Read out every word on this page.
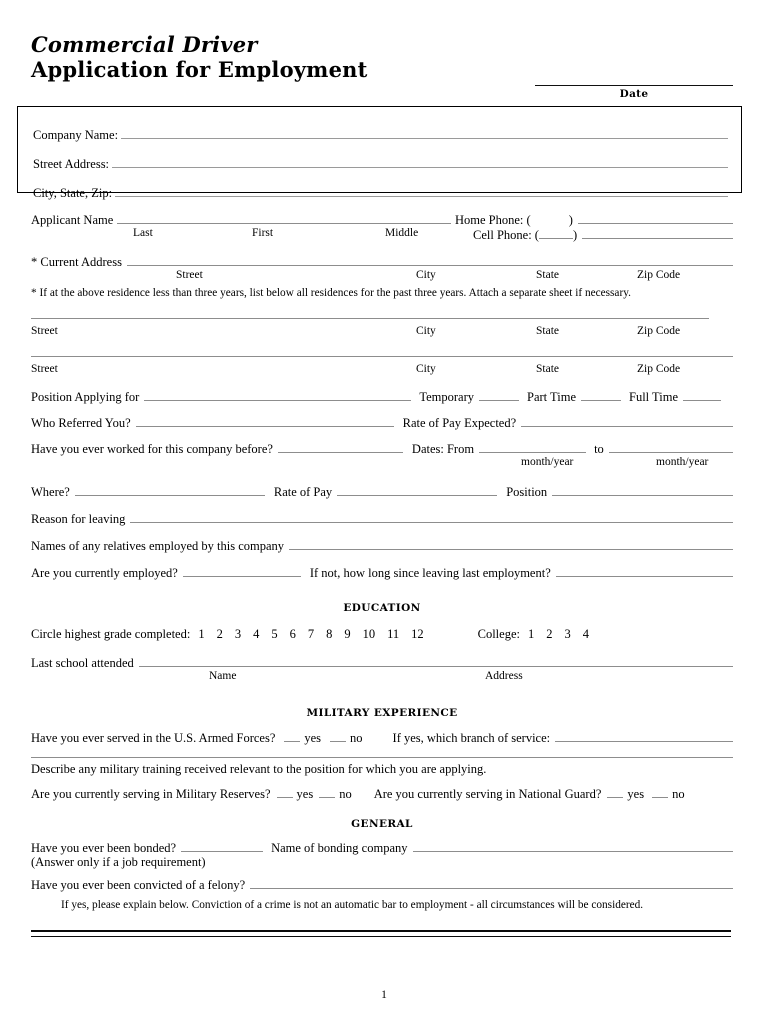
Commercial Driver
Application for Employment
Date
Company Name:
Street Address:
City, State, Zip:
Applicant Name	Home Phone: (	)
Cell Phone: (	)
Last	First	Middle
* Current Address
Street	City	State	Zip Code
* If at the above residence less than three years, list below all residences for the past three years. Attach a separate sheet if necessary.
Street	City	State	Zip Code
Street	City	State	Zip Code
Position Applying for	Temporary	Part Time	Full Time
Who Referred You?	Rate of Pay Expected?
Have you ever worked for this company before?	Dates: From	to
month/year	month/year
Where?	Rate of Pay	Position
Reason for leaving
Names of any relatives employed by this company
Are you currently employed?	If not, how long since leaving last employment?
EDUCATION
Circle highest grade completed: 1 2 3 4 5 6 7 8 9 10 11 12	College: 1 2 3 4
Last school attended
Name	Address
MILITARY EXPERIENCE
Have you ever served in the U.S. Armed Forces? yes no If yes, which branch of service:
Describe any military training received relevant to the position for which you are applying.
Are you currently serving in Military Reserves? yes no Are you currently serving in National Guard? yes no
GENERAL
Have you ever been bonded?	Name of bonding company
(Answer only if a job requirement)
Have you ever been convicted of a felony?
If yes, please explain below. Conviction of a crime is not an automatic bar to employment - all circumstances will be considered.
1
